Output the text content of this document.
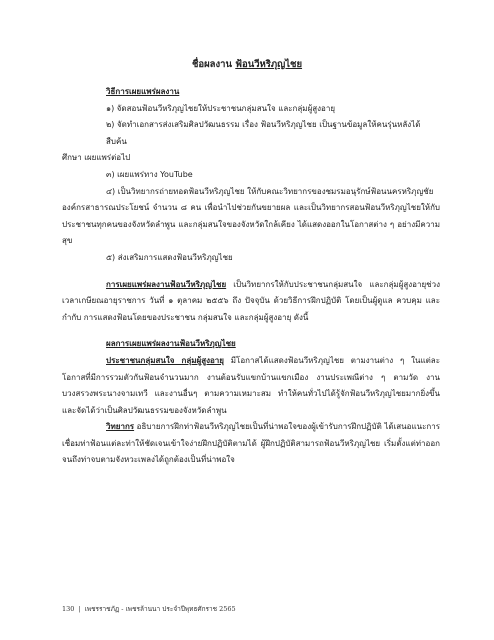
ชื่อผลงาน ฟ้อนวีหริภุญไชย

วิธีการเผยแพร่ผลงาน

๑) จัดสอนฟ้อนวีหริภุญไชยให้ประชาชนกลุ่มสนใจ และกลุ่มผู้สูงอายุ

๒) จัดทำเอกสารส่งเสริมศิลปวัฒนธรรม เรื่อง ฟ้อนวีหริภุญไชย เป็นฐานข้อมูลให้คนรุ่นหลังได้สืบค้น

ศึกษา เผยแพร่ต่อไป

๓) เผยแพร่ทาง YouTube

๔) เป็นวิทยากรถ่ายทอดฟ้อนวีหริภุญไชย ให้กับคณะวิทยากรของชมรมอนุรักษ์ฟ้อนนครหริภุญชัย

องค์กรสาธารณประโยชน์ จำนวน ๘ คน เพื่อนำไปช่วยกันขยายผล และเป็นวิทยากรสอนฟ้อนวีหริภุญไชยให้กับประชาชนทุกคนของจังหวัดลำพูน และกลุ่มสนใจของจังหวัดใกล้เคียง ได้แสดงออกในโอกาสต่าง ๆ อย่างมีความสุข

๕) ส่งเสริมการแสดงฟ้อนวีหริภุญไชย

การเผยแพร่ผลงานฟ้อนวีหริภุญไชย เป็นวิทยากรให้กับประชาชนกลุ่มสนใจ และกลุ่มผู้สูงอายุช่วงเวลาเกษียณอายุราชการ วันที่ ๑ ตุลาคม ๒๕๕๖ ถึง ปัจจุบัน ด้วยวิธีการฝึกปฏิบัติ โดยเป็นผู้ดูแล ควบคุม และกำกับ การแสดงฟ้อนโดยของประชาชน กลุ่มสนใจ และกลุ่มผู้สูงอายุ ดังนี้

ผลการเผยแพร่ผลงานฟ้อนวีหริภุญไชย

ประชาชนกลุ่มสนใจ กลุ่มผู้สูงอายุ มีโอกาสได้แสดงฟ้อนวีหริภุญไชย ตามงานต่าง ๆ ในแต่ละโอกาสที่มีการรวมตัวกันฟ้อนจำนวนมาก งานต้อนรับแขกบ้านแขกเมือง งานประเพณีต่าง ๆ ตามวัด งานบวงสรวงพระนางจามเทวี และงานอื่นๆ ตามความเหมาะสม ทำให้คนทั่วไปได้รู้จักฟ้อนวีหริภุญไชยมากยิ่งขึ้น และจัดได้ว่าเป็นศิลปวัฒนธรรมของจังหวัดลำพูน

วิทยากร อธิบายการฝึกท่าฟ้อนวีหริภุญไชยเป็นที่น่าพอใจของผู้เข้ารับการฝึกปฏิบัติ ได้เสนอแนะการเชื่อมท่าฟ้อนแต่ละท่าให้ชัดเจนเข้าใจง่ายฝึกปฏิบัติตามได้ ผู้ฝึกปฏิบัติสามารถฟ้อนวีหริภุญไชย เริ่มตั้งแต่ท่าออกจนถึงท่าจบตามจังหวะเพลงได้ถูกต้องเป็นที่น่าพอใจ

130 | เพชรราชภัฏ - เพชรล้านนา ประจำปีพุทธศักราช 2565
